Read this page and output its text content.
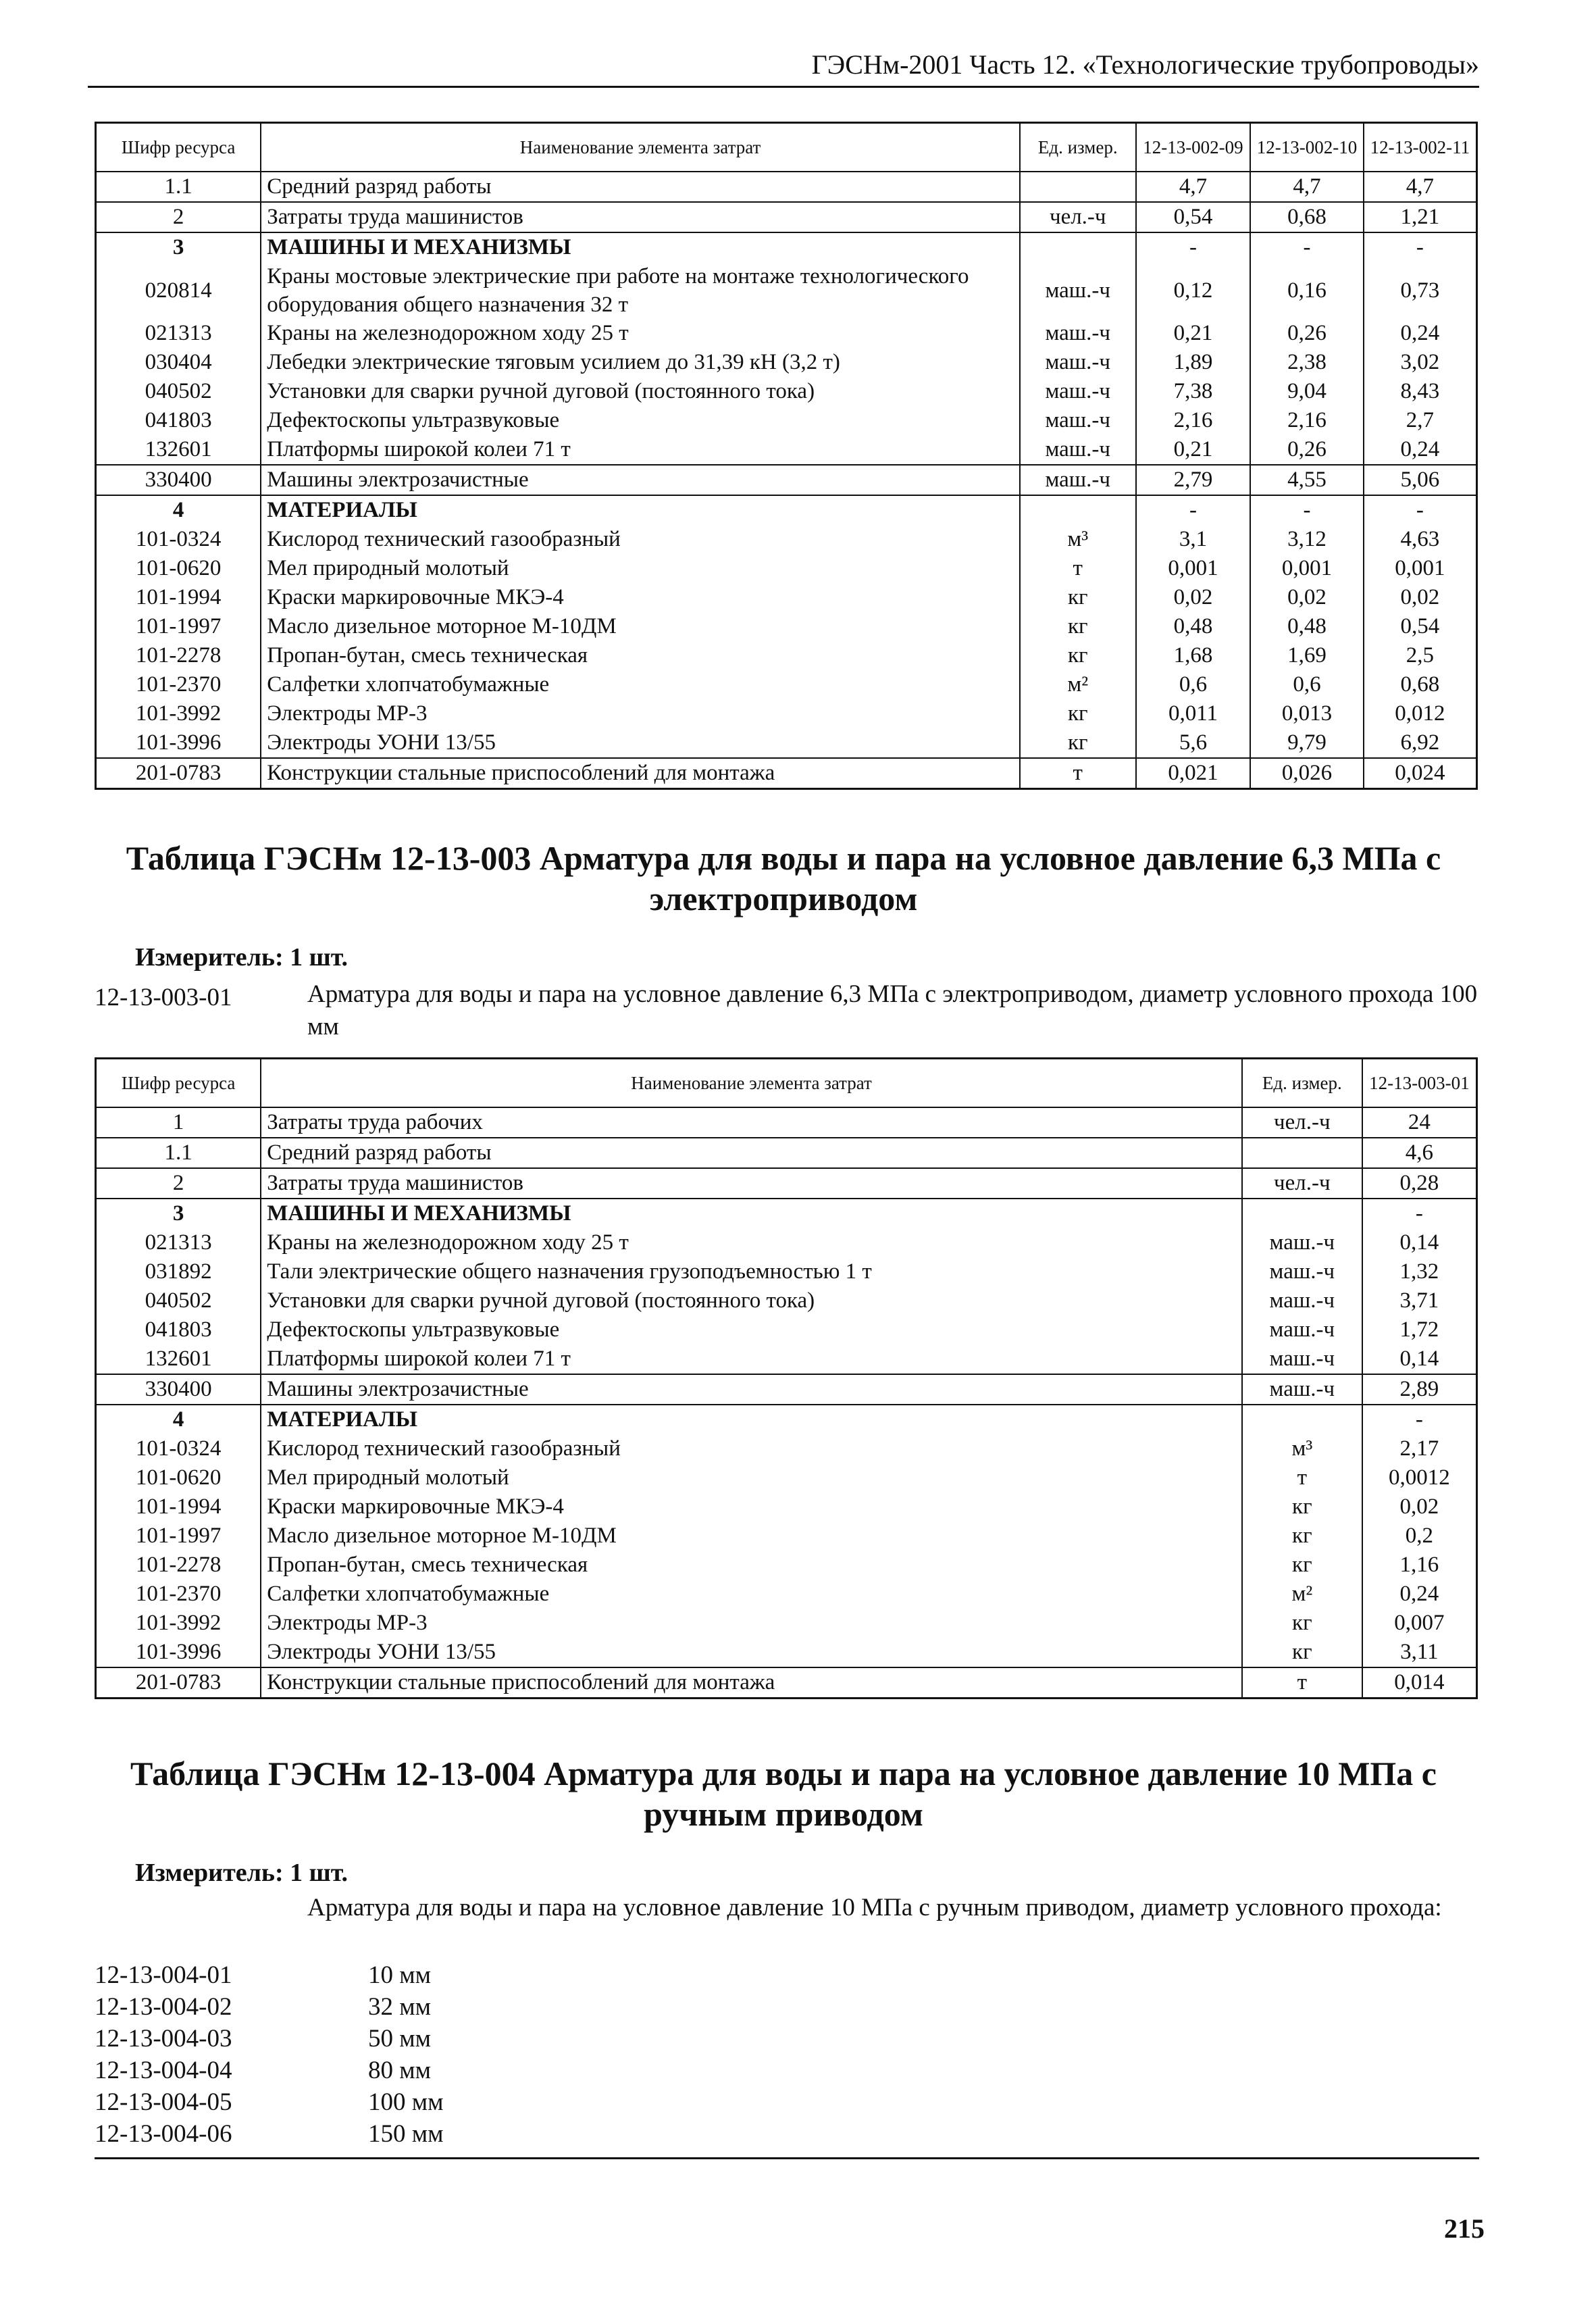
ГЭСНм-2001 Часть 12. «Технологические трубопроводы»
Шифр ресурса	Наименование элемента затрат	Ед. измер.	12-13-002-09	12-13-002-10	12-13-002-11
1.1	Средний разряд работы		4,7	4,7	4,7
2	Затраты труда машинистов	чел.-ч	0,54	0,68	1,21
3	МАШИНЫ И МЕХАНИЗМЫ		-	-	-
020814	Краны мостовые электрические при работе на монтаже технологического оборудования общего назначения 32 т	маш.-ч	0,12	0,16	0,73
021313	Краны на железнодорожном ходу 25 т	маш.-ч	0,21	0,26	0,24
030404	Лебедки электрические тяговым усилием до 31,39 кН (3,2 т)	маш.-ч	1,89	2,38	3,02
040502	Установки для сварки ручной дуговой (постоянного тока)	маш.-ч	7,38	9,04	8,43
041803	Дефектоскопы ультразвуковые	маш.-ч	2,16	2,16	2,7
132601	Платформы широкой колеи 71 т	маш.-ч	0,21	0,26	0,24
330400	Машины электрозачистные	маш.-ч	2,79	4,55	5,06
4	МАТЕРИАЛЫ		-	-	-
101-0324	Кислород технический газообразный	м³	3,1	3,12	4,63
101-0620	Мел природный молотый	т	0,001	0,001	0,001
101-1994	Краски маркировочные МКЭ-4	кг	0,02	0,02	0,02
101-1997	Масло дизельное моторное М-10ДМ	кг	0,48	0,48	0,54
101-2278	Пропан-бутан, смесь техническая	кг	1,68	1,69	2,5
101-2370	Салфетки хлопчатобумажные	м²	0,6	0,6	0,68
101-3992	Электроды МР-3	кг	0,011	0,013	0,012
101-3996	Электроды УОНИ 13/55	кг	5,6	9,79	6,92
201-0783	Конструкции стальные приспособлений для монтажа	т	0,021	0,026	0,024
Таблица ГЭСНм 12-13-003 Арматура для воды и пара на условное давление 6,3 МПа с
электроприводом
Измеритель: 1 шт.
12-13-003-01	Арматура для воды и пара на условное давление 6,3 МПа с электроприводом, диаметр условного прохода 100 мм
Шифр ресурса	Наименование элемента затрат	Ед. измер.	12-13-003-01
1	Затраты труда рабочих	чел.-ч	24
1.1	Средний разряд работы		4,6
2	Затраты труда машинистов	чел.-ч	0,28
3	МАШИНЫ И МЕХАНИЗМЫ		-
021313	Краны на железнодорожном ходу 25 т	маш.-ч	0,14
031892	Тали электрические общего назначения грузоподъемностью 1 т	маш.-ч	1,32
040502	Установки для сварки ручной дуговой (постоянного тока)	маш.-ч	3,71
041803	Дефектоскопы ультразвуковые	маш.-ч	1,72
132601	Платформы широкой колеи 71 т	маш.-ч	0,14
330400	Машины электрозачистные	маш.-ч	2,89
4	МАТЕРИАЛЫ		-
101-0324	Кислород технический газообразный	м³	2,17
101-0620	Мел природный молотый	т	0,0012
101-1994	Краски маркировочные МКЭ-4	кг	0,02
101-1997	Масло дизельное моторное М-10ДМ	кг	0,2
101-2278	Пропан-бутан, смесь техническая	кг	1,16
101-2370	Салфетки хлопчатобумажные	м²	0,24
101-3992	Электроды МР-3	кг	0,007
101-3996	Электроды УОНИ 13/55	кг	3,11
201-0783	Конструкции стальные приспособлений для монтажа	т	0,014
Таблица ГЭСНм 12-13-004 Арматура для воды и пара на условное давление 10 МПа с
ручным приводом
Измеритель: 1 шт.
Арматура для воды и пара на условное давление 10 МПа с ручным приводом, диаметр условного прохода:
12-13-004-01	10 мм
12-13-004-02	32 мм
12-13-004-03	50 мм
12-13-004-04	80 мм
12-13-004-05	100 мм
12-13-004-06	150 мм
215
